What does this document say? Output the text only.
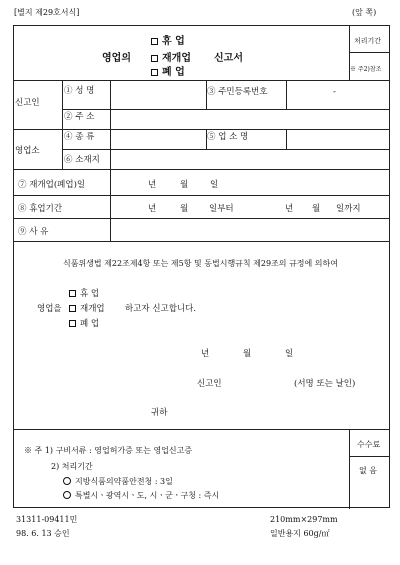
[별지 제29호서식]	(앞 쪽)
휴 업
영업의	재개업 신고서
폐 업
처리기간
※ 주2)참조
신고인
① 성 명	③ 주민등록번호	-
② 주 소
영업소
④ 종 류	⑤ 업 소 명
⑥ 소재지
⑦ 재개업(폐업)일	년	월	일
⑧ 휴업기간	년	월 일부터	년 월 일까지
⑨ 사 유
식품위생법 제22조제4항 또는 제5항 및 동법시행규칙 제29조의 규정에 의하여
휴 업
영업을	재개업 하고자 신고합니다.
폐 업
년	월	일
신고인	(서명 또는 날인)
귀하
※ 주 1) 구비서류 : 영업허가증 또는 영업신고증
2) 처리기간
지방식품의약품안전청 : 3일
특별시ㆍ광역시ㆍ도, 시ㆍ군ㆍ구청 : 즉시
수수료
없 음
31311-09411민
98. 6. 13 승인
210mm×297mm
일반용지 60g/㎡
